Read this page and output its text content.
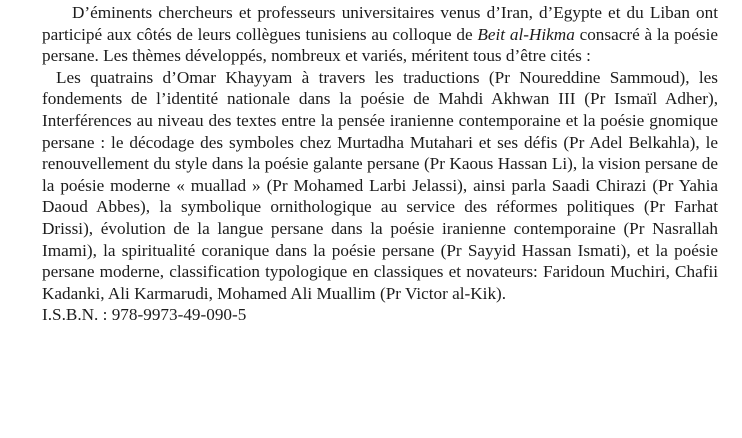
D’éminents chercheurs et professeurs universitaires venus d’Iran, d’Egypte et du Liban ont participé aux côtés de leurs collègues tunisiens au colloque de Beit al-Hikma consacré à la poésie persane. Les thèmes développés, nombreux et variés, méritent tous d’être cités :

Les quatrains d’Omar Khayyam à travers les traductions (Pr Noureddine Sammoud), les fondements de l’identité nationale dans la poésie de Mahdi Akhwan III (Pr Ismaïl Adher), Interférences au niveau des textes entre la pensée iranienne contemporaine et la poésie gnomique persane : le décodage des symboles chez Murtadha Mutahari et ses défis (Pr Adel Belkahla), le renouvellement du style dans la poésie galante persane (Pr Kaous Hassan Li), la vision persane de la poésie moderne « muallad » (Pr Mohamed Larbi Jelassi), ainsi parla Saadi Chirazi (Pr Yahia Daoud Abbes), la symbolique ornithologique au service des réformes politiques (Pr Farhat Drissi), évolution de la langue persane dans la poésie iranienne contemporaine (Pr Nasrallah Imami), la spiritualité coranique dans la poésie persane (Pr Sayyid Hassan Ismati), et la poésie persane moderne, classification typologique en classiques et novateurs: Faridoun Muchiri, Chafii Kadanki, Ali Karmarudi, Mohamed Ali Muallim (Pr Victor al-Kik).

I.S.B.N. : 978-9973-49-090-5
